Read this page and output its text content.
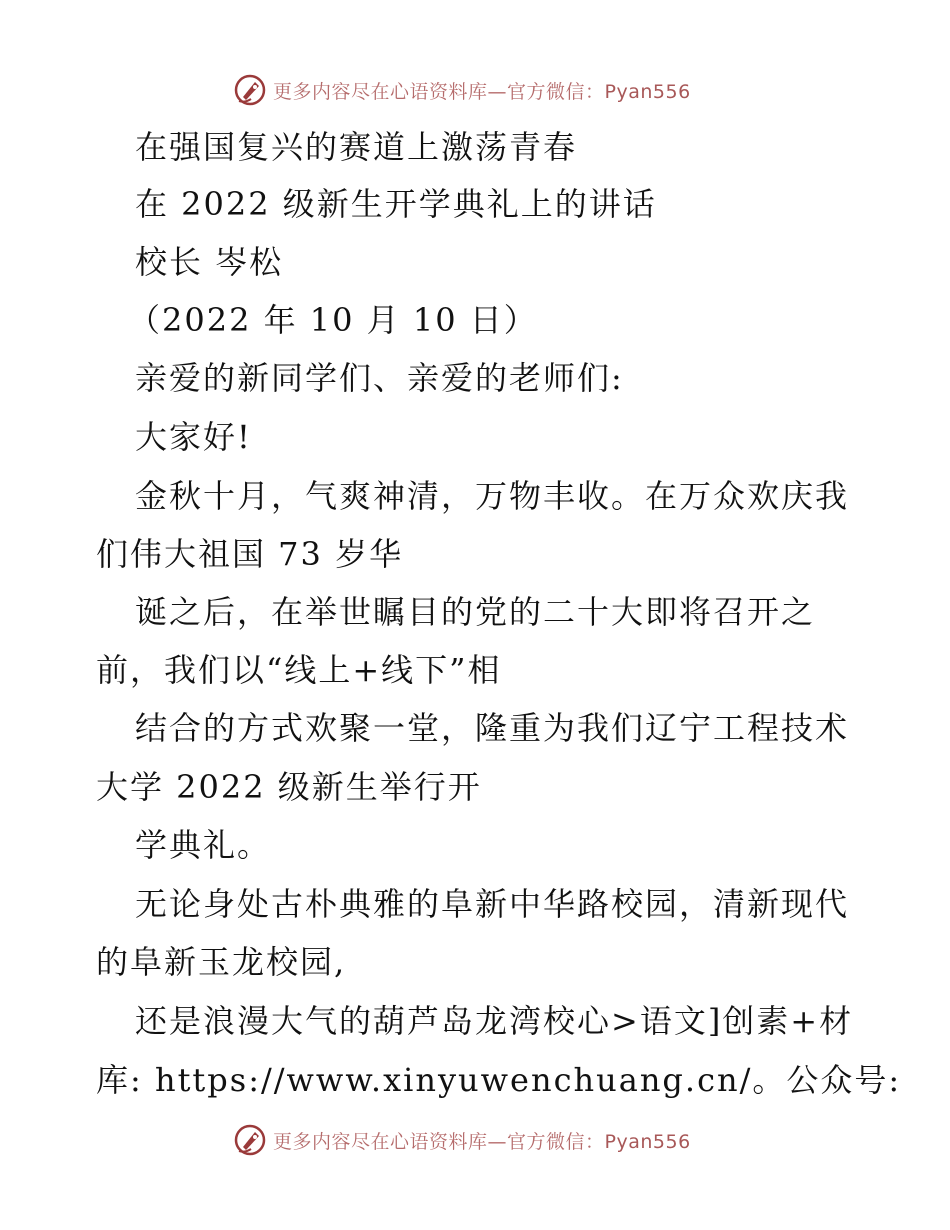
更多内容尽在心语资料库—官方微信：Pyan556
在强国复兴的赛道上激荡青春
在 2022 级新生开学典礼上的讲话
校长 岑松
（2022 年 10 月 10 日）
亲爱的新同学们、亲爱的老师们:
大家好!
金秋十月，气爽神清，万物丰收。在万众欢庆我
们伟大祖国 73 岁华
诞之后，在举世瞩目的党的二十大即将召开之
前，我们以“线上+线下”相
结合的方式欢聚一堂，隆重为我们辽宁工程技术
大学 2022 级新生举行开
学典礼。
无论身处古朴典雅的阜新中华路校园，清新现代
的阜新玉龙校园,
还是浪漫大气的葫芦岛龙湾校心>语文]创素+材
库: https://www.xinyuwenchuang.cn/。公众号:
更多内容尽在心语资料库—官方微信：Pyan556
